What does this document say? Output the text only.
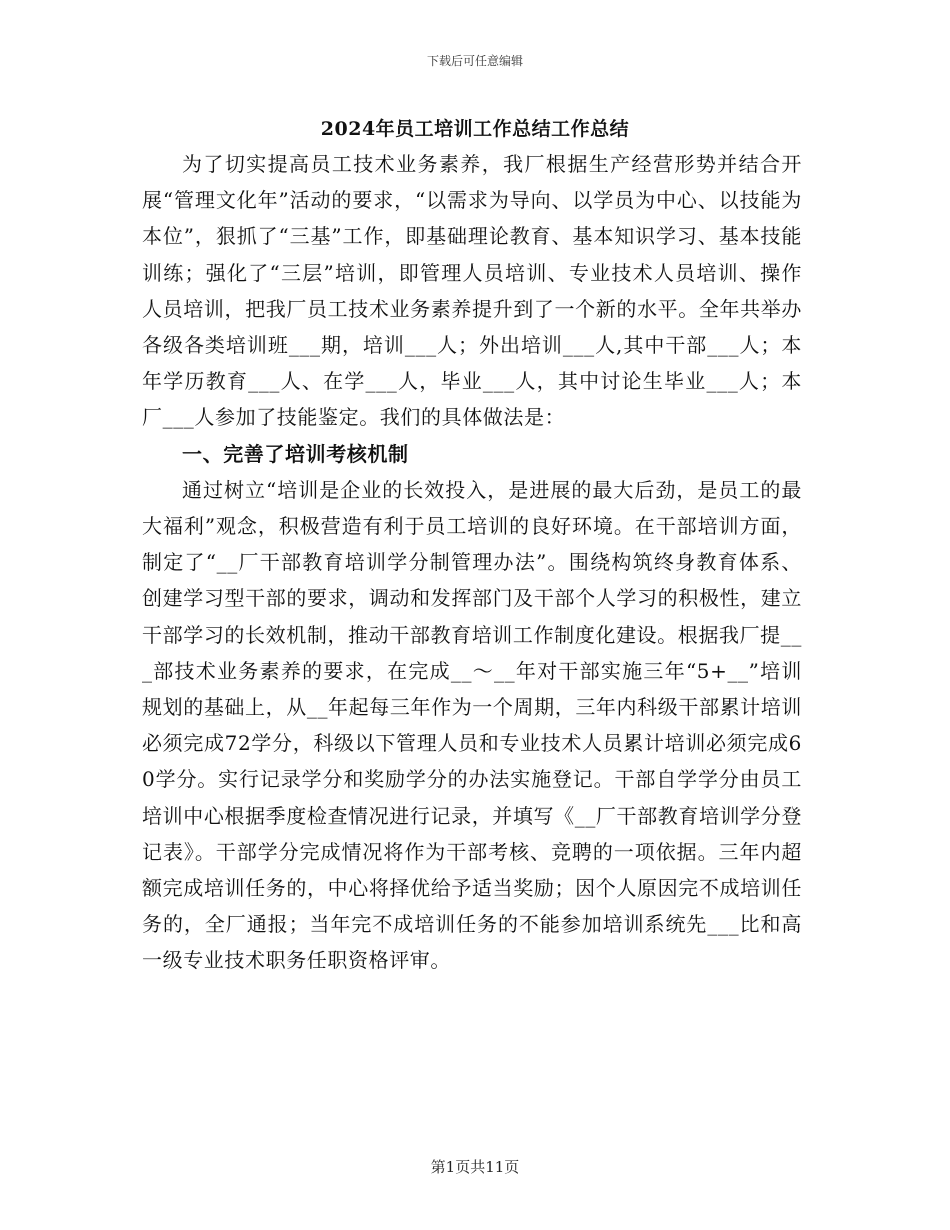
下载后可任意编辑
2024年员工培训工作总结工作总结

为了切实提高员工技术业务素养，我厂根据生产经营形势并结合开展“管理文化年”活动的要求，“以需求为导向、以学员为中心、以技能为本位”，狠抓了“三基”工作，即基础理论教育、基本知识学习、基本技能训练；强化了“三层”培训，即管理人员培训、专业技术人员培训、操作人员培训，把我厂员工技术业务素养提升到了一个新的水平。全年共举办各级各类培训班___期，培训___人；外出培训___人,其中干部___人；本年学历教育___人、在学___人，毕业___人，其中讨论生毕业___人；本厂___人参加了技能鉴定。我们的具体做法是：

一、完善了培训考核机制

通过树立“培训是企业的长效投入，是进展的最大后劲，是员工的最大福利”观念，积极营造有利于员工培训的良好环境。在干部培训方面，制定了“__厂干部教育培训学分制管理办法”。围绕构筑终身教育体系、创建学习型干部的要求，调动和发挥部门及干部个人学习的积极性，建立干部学习的长效机制，推动干部教育培训工作制度化建设。根据我厂提___部技术业务素养的要求，在完成__～__年对干部实施三年“5+__”培训规划的基础上，从__年起每三年作为一个周期，三年内科级干部累计培训必须完成72学分，科级以下管理人员和专业技术人员累计培训必须完成60学分。实行记录学分和奖励学分的办法实施登记。干部自学学分由员工培训中心根据季度检查情况进行记录，并填写《__厂干部教育培训学分登记表》。干部学分完成情况将作为干部考核、竞聘的一项依据。三年内超额完成培训任务的，中心将择优给予适当奖励；因个人原因完不成培训任务的，全厂通报；当年完不成培训任务的不能参加培训系统先___比和高一级专业技术职务任职资格评审。

第1页共11页
